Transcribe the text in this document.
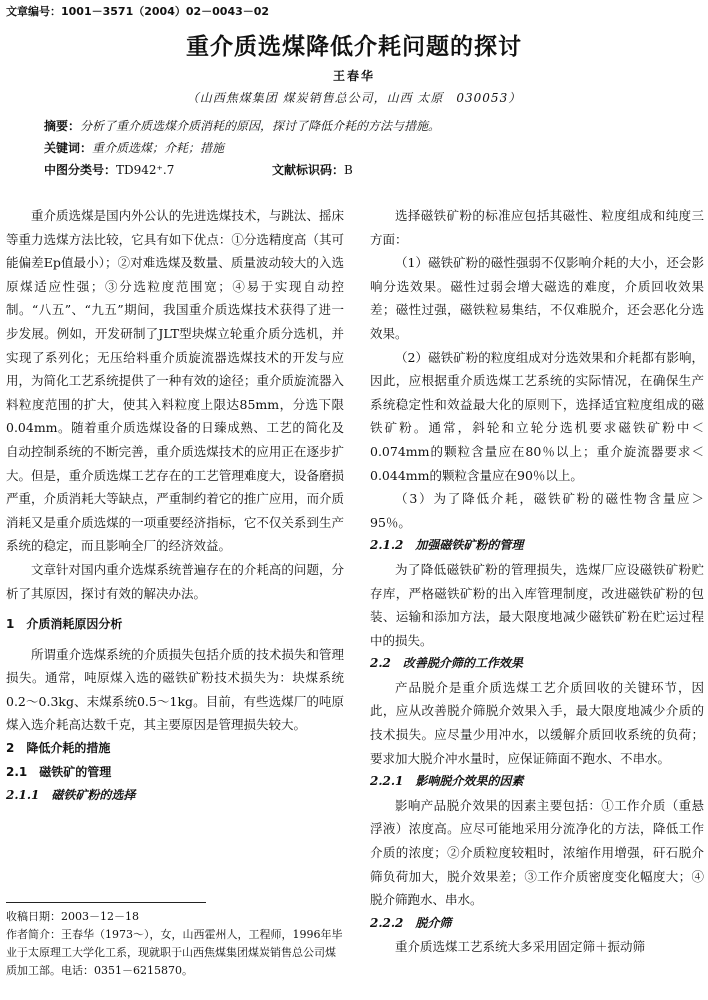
文章编号：1001－3571（2004）02－0043－02
重介质选煤降低介耗问题的探讨
王春华
（山西焦煤集团 煤炭销售总公司，山西 太原　030053）
摘要：分析了重介质选煤介质消耗的原因，探讨了降低介耗的方法与措施。
关键词：重介质选煤；介耗；措施
中图分类号：TD942⁺.7	文献标识码：B

重介质选煤是国内外公认的先进选煤技术，与跳汰、摇床等重力选煤方法比较，它具有如下优点：①分选精度高（其可能偏差Ep值最小）；②对难选煤及数量、质量波动较大的入选原煤适应性强；③分选粒度范围宽；④易于实现自动控制。“八五”、“九五”期间，我国重介质选煤技术获得了进一步发展。例如，开发研制了JLT型块煤立轮重介质分选机，并实现了系列化；无压给料重介质旋流器选煤技术的开发与应用，为简化工艺系统提供了一种有效的途径；重介质旋流器入料粒度范围的扩大，使其入料粒度上限达85mm，分选下限0.04mm。随着重介质选煤设备的日臻成熟、工艺的简化及自动控制系统的不断完善，重介质选煤技术的应用正在逐步扩大。但是，重介质选煤工艺存在的工艺管理难度大，设备磨损严重，介质消耗大等缺点，严重制约着它的推广应用，而介质消耗又是重介质选煤的一项重要经济指标，它不仅关系到生产系统的稳定，而且影响全厂的经济效益。

文章针对国内重介选煤系统普遍存在的介耗高的问题，分析了其原因，探讨有效的解决办法。

1　介质消耗原因分析

所谓重介选煤系统的介质损失包括介质的技术损失和管理损失。通常，吨原煤入选的磁铁矿粉技术损失为：块煤系统0.2～0.3kg、末煤系统0.5～1kg。目前，有些选煤厂的吨原煤入选介耗高达数千克，其主要原因是管理损失较大。

2　降低介耗的措施
2.1　磁铁矿的管理
2.1.1　磁铁矿粉的选择
收稿日期：2003－12－18
作者简介：王春华（1973～），女，山西霍州人，工程师，1996年毕业于太原理工大学化工系，现就职于山西焦煤集团煤炭销售总公司煤质加工部。电话：0351－6215870。

选择磁铁矿粉的标准应包括其磁性、粒度组成和纯度三方面：

（1）磁铁矿粉的磁性强弱不仅影响介耗的大小，还会影响分选效果。磁性过弱会增大磁选的难度，介质回收效果差；磁性过强，磁铁粒易集结，不仅难脱介，还会恶化分选效果。

（2）磁铁矿粉的粒度组成对分选效果和介耗都有影响，因此，应根据重介质选煤工艺系统的实际情况，在确保生产系统稳定性和效益最大化的原则下，选择适宜粒度组成的磁铁矿粉。通常，斜轮和立轮分选机要求磁铁矿粉中＜0.074mm的颗粒含量应在80％以上；重介旋流器要求＜0.044mm的颗粒含量应在90％以上。

（3）为了降低介耗，磁铁矿粉的磁性物含量应＞95％。

2.1.2　加强磁铁矿粉的管理

为了降低磁铁矿粉的管理损失，选煤厂应设磁铁矿粉贮存库，严格磁铁矿粉的出入库管理制度，改进磁铁矿粉的包装、运输和添加方法，最大限度地减少磁铁矿粉在贮运过程中的损失。

2.2　改善脱介筛的工作效果

产品脱介是重介质选煤工艺介质回收的关键环节，因此，应从改善脱介筛脱介效果入手，最大限度地减少介质的技术损失。应尽量少用冲水，以缓解介质回收系统的负荷；要求加大脱介冲水量时，应保证筛面不跑水、不串水。

2.2.1　影响脱介效果的因素

影响产品脱介效果的因素主要包括：①工作介质（重悬浮液）浓度高。应尽可能地采用分流净化的方法，降低工作介质的浓度；②介质粒度较粗时，浓缩作用增强，矸石脱介筛负荷加大，脱介效果差；③工作介质密度变化幅度大；④脱介筛跑水、串水。

2.2.2　脱介筛

重介质选煤工艺系统大多采用固定筛＋振动筛
